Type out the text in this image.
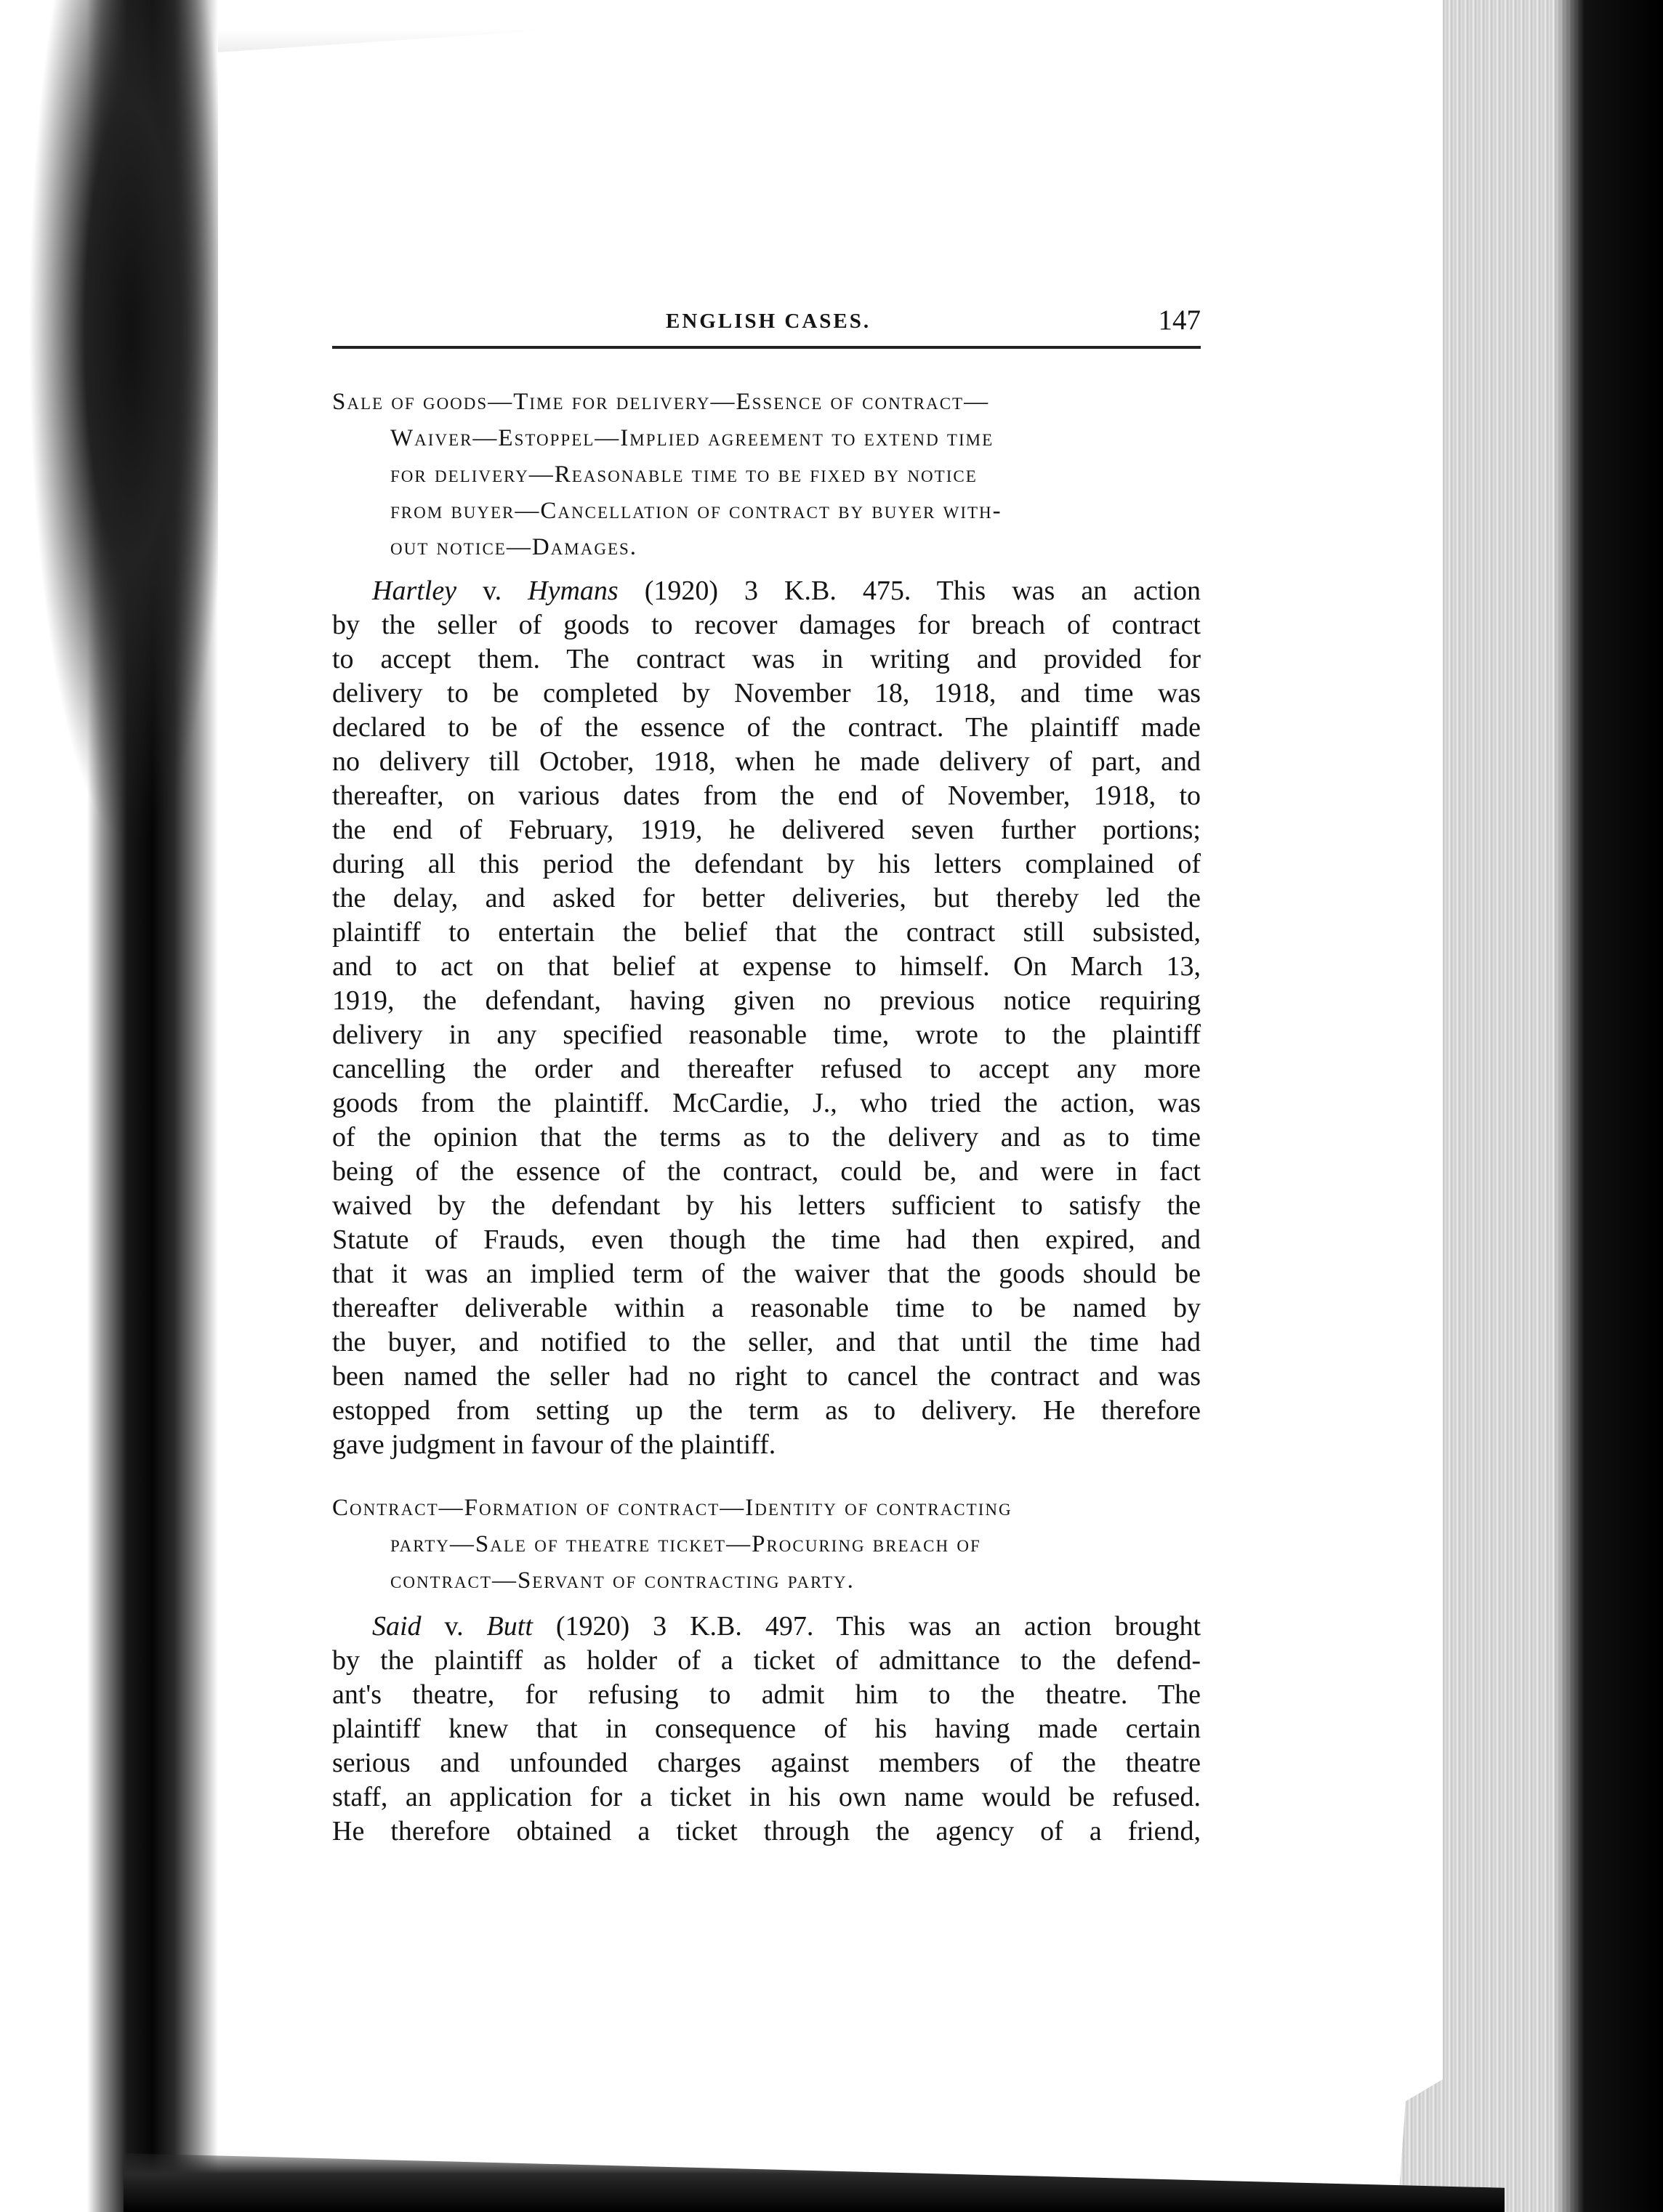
ENGLISH CASES.	147
Sale of goods—Time for delivery—Essence of contract—
Waiver—Estoppel—Implied agreement to extend time
for delivery—Reasonable time to be fixed by notice
from buyer—Cancellation of contract by buyer with-
out notice—Damages.

Hartley v. Hymans (1920) 3 K.B. 475. This was an action
by the seller of goods to recover damages for breach of contract
to accept them. The contract was in writing and provided for
delivery to be completed by November 18, 1918, and time was
declared to be of the essence of the contract. The plaintiff made
no delivery till October, 1918, when he made delivery of part, and
thereafter, on various dates from the end of November, 1918, to
the end of February, 1919, he delivered seven further portions;
during all this period the defendant by his letters complained of
the delay, and asked for better deliveries, but thereby led the
plaintiff to entertain the belief that the contract still subsisted,
and to act on that belief at expense to himself. On March 13,
1919, the defendant, having given no previous notice requiring
delivery in any specified reasonable time, wrote to the plaintiff
cancelling the order and thereafter refused to accept any more
goods from the plaintiff. McCardie, J., who tried the action, was
of the opinion that the terms as to the delivery and as to time
being of the essence of the contract, could be, and were in fact
waived by the defendant by his letters sufficient to satisfy the
Statute of Frauds, even though the time had then expired, and
that it was an implied term of the waiver that the goods should be
thereafter deliverable within a reasonable time to be named by
the buyer, and notified to the seller, and that until the time had
been named the seller had no right to cancel the contract and was
estopped from setting up the term as to delivery. He therefore
gave judgment in favour of the plaintiff.

Contract—Formation of contract—Identity of contracting
party—Sale of theatre ticket—Procuring breach of
contract—Servant of contracting party.

Said v. Butt (1920) 3 K.B. 497. This was an action brought
by the plaintiff as holder of a ticket of admittance to the defend-
ant's theatre, for refusing to admit him to the theatre. The
plaintiff knew that in consequence of his having made certain
serious and unfounded charges against members of the theatre
staff, an application for a ticket in his own name would be refused.
He therefore obtained a ticket through the agency of a friend,
